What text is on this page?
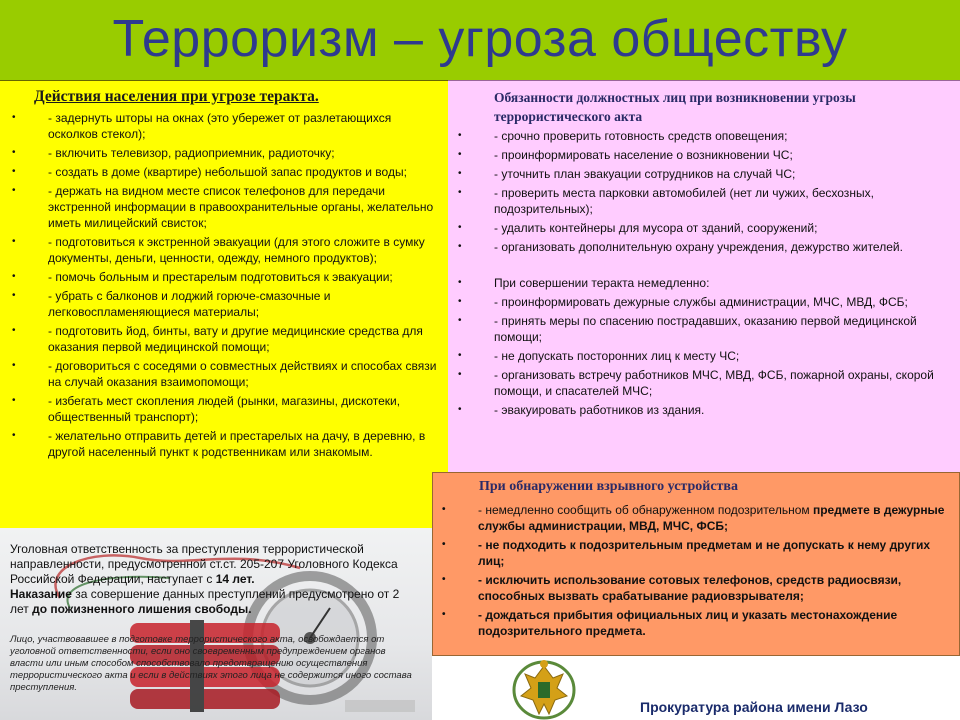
Терроризм – угроза обществу
Действия населения при угрозе теракта.
•	- задернуть шторы на окнах (это убережет от разлетающихся осколков стекол);
•	- включить телевизор, радиоприемник, радиоточку;
•	- создать в доме (квартире) небольшой запас продуктов и воды;
•	- держать на видном месте список телефонов для передачи экстренной информации в правоохранительные органы, желательно иметь милицейский свисток;
•	- подготовиться к экстренной эвакуации (для этого сложите в сумку документы, деньги, ценности, одежду, немного продуктов);
•	- помочь больным и престарелым подготовиться к эвакуации;
•	- убрать с балконов и лоджий горюче-смазочные и легковоспламеняющиеся материалы;
•	- подготовить йод, бинты, вату и другие медицинские средства для оказания первой медицинской помощи;
•	- договориться с соседями о совместных действиях и способах связи на случай оказания взаимопомощи;
•	- избегать мест скопления людей (рынки, магазины, дискотеки, общественный транспорт);
•	- желательно отправить детей и престарелых на дачу, в деревню, в другой населенный пункт к родственникам или знакомым.
Обязанности должностных лиц при возникновении угрозы террористического акта
•	- срочно проверить готовность средств оповещения;
•	- проинформировать население о возникновении ЧС;
•	- уточнить план эвакуации сотрудников на случай ЧС;
•	- проверить места парковки автомобилей (нет ли чужих, бесхозных, подозрительных);
•	- удалить контейнеры для мусора от зданий, сооружений;
•	- организовать дополнительную охрану учреждения, дежурство жителей.
•	При совершении теракта немедленно:
•	- проинформировать дежурные службы администрации, МЧС, МВД, ФСБ;
•	- принять меры по спасению пострадавших, оказанию первой медицинской помощи;
•	- не допускать посторонних лиц к месту ЧС;
•	- организовать встречу работников МЧС, МВД, ФСБ, пожарной охраны, скорой помощи, и спасателей МЧС;
•	- эвакуировать работников из здания.
При обнаружении взрывного устройства
•	- немедленно сообщить об обнаруженном подозрительном предмете в дежурные службы администрации, МВД, МЧС, ФСБ;
•	- не подходить к подозрительным предметам и не допускать к нему других лиц;
•	- исключить использование сотовых телефонов, средств радиосвязи, способных вызвать срабатывание радиовзрывателя;
•	- дождаться прибытия официальных лиц и указать местонахождение подозрительного предмета.
Уголовная ответственность за преступления террористической направленности, предусмотренной ст.ст. 205-207 Уголовного Кодекса Российской Федерации, наступает с 14 лет.
Наказание за совершение данных преступлений предусмотрено от 2 лет до пожизненного лишения свободы.
Лицо, участвовавшее в подготовке террористического акта, освобождается от уголовной ответственности, если оно своевременным предупреждением органов власти или иным способом способствовало предотвращению осуществления террористического акта и если в действиях этого лица не содержится иного состава преступления.
Прокуратура района имени Лазо
